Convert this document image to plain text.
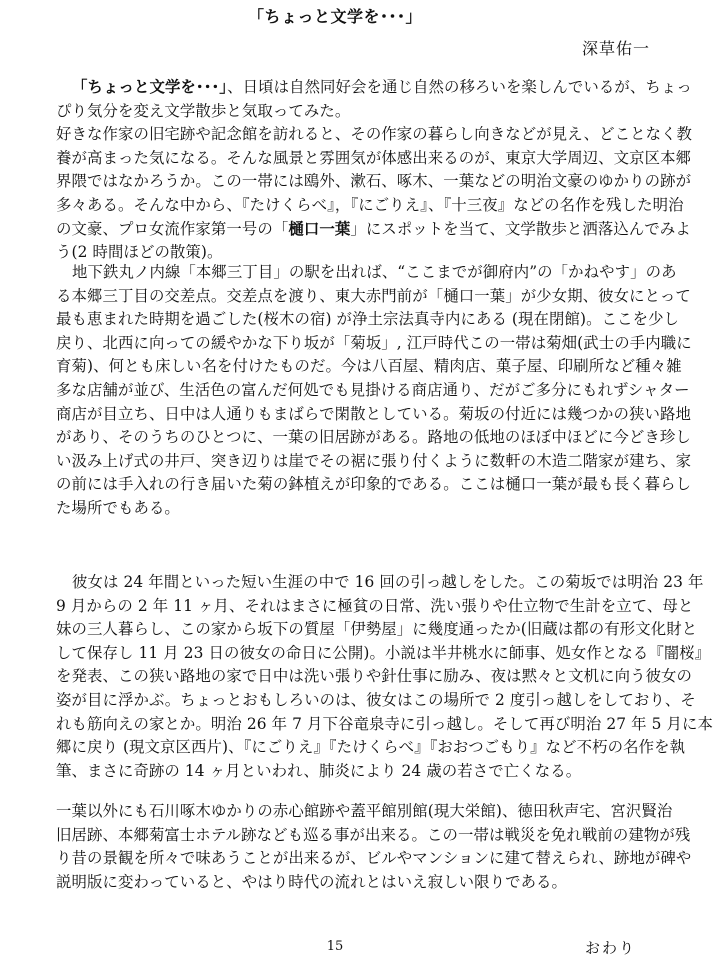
「ちょっと文学を･･･」
深草佑一

「ちょっと文学を･･･」、日頃は自然同好会を通じ自然の移ろいを楽しんでいるが、ちょっ
ぴり気分を変え文学散歩と気取ってみた。
好きな作家の旧宅跡や記念館を訪れると、その作家の暮らし向きなどが見え、どことなく教
養が高まった気になる。そんな風景と雰囲気が体感出来るのが、東京大学周辺、文京区本郷
界隈ではなかろうか。この一帯には鴎外、漱石、啄木、一葉などの明治文豪のゆかりの跡が
多々ある。そんな中から、『たけくらべ』，『にごりえ』、『十三夜』などの名作を残した明治
の文豪、プロ女流作家第一号の「樋口一葉」にスポットを当て、文学散歩と洒落込んでみよ
う(2 時間ほどの散策)。

地下鉄丸ノ内線「本郷三丁目」の駅を出れば、“ここまでが御府内”の「かねやす」のあ
る本郷三丁目の交差点。交差点を渡り、東大赤門前が「樋口一葉」が少女期、彼女にとって
最も恵まれた時期を過ごした(桜木の宿) が浄土宗法真寺内にある (現在閉館)。ここを少し
戻り、北西に向っての緩やかな下り坂が「菊坂」, 江戸時代この一帯は菊畑(武士の手内職に
育菊)、何とも床しい名を付けたものだ。今は八百屋、精肉店、菓子屋、印刷所など種々雑
多な店舗が並び、生活色の富んだ何処でも見掛ける商店通り、だがご多分にもれずシャター
商店が目立ち、日中は人通りもまばらで閑散としている。菊坂の付近には幾つかの狭い路地
があり、そのうちのひとつに、一葉の旧居跡がある。路地の低地のほぼ中ほどに今どき珍し
い汲み上げ式の井戸、突き辺りは崖でその裾に張り付くように数軒の木造二階家が建ち、家
の前には手入れの行き届いた菊の鉢植えが印象的である。ここは樋口一葉が最も長く暮らし
た場所でもある。

彼女は 24 年間といった短い生涯の中で 16 回の引っ越しをした。この菊坂では明治 23 年
9 月からの 2 年 11 ヶ月、それはまさに極貧の日常、洗い張りや仕立物で生計を立て、母と
妹の三人暮らし、この家から坂下の質屋「伊勢屋」に幾度通ったか(旧蔵は都の有形文化財と
して保存し 11 月 23 日の彼女の命日に公開)。小説は半井桃水に師事、処女作となる『闇桜』
を発表、この狭い路地の家で日中は洗い張りや針仕事に励み、夜は黙々と文机に向う彼女の
姿が目に浮かぶ。ちょっとおもしろいのは、彼女はこの場所で 2 度引っ越しをしており、そ
れも筋向えの家とか。明治 26 年 7 月下谷竜泉寺に引っ越し。そして再び明治 27 年 5 月に本
郷に戻り (現文京区西片)、『にごりえ』『たけくらべ』『おおつごもり』など不朽の名作を執
筆、まさに奇跡の 14 ヶ月といわれ、肺炎により 24 歳の若さで亡くなる。

一葉以外にも石川啄木ゆかりの赤心館跡や蓋平館別館(現大栄館)、徳田秋声宅、宮沢賢治
旧居跡、本郷菊富士ホテル跡なども巡る事が出来る。この一帯は戦災を免れ戦前の建物が残
り昔の景観を所々で味あうことが出来るが、ビルやマンションに建て替えられ、跡地が碑や
説明版に変わっていると、やはり時代の流れとはいえ寂しい限りである。

15	おわり
